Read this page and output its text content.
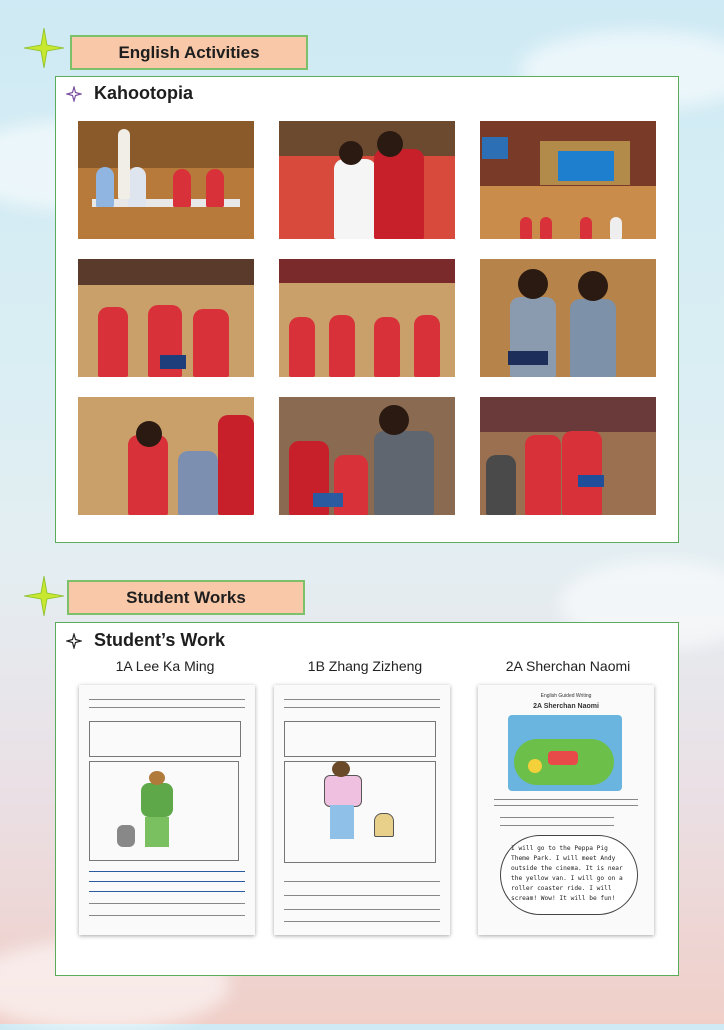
English Activities
Kahootopia
Student Works
Student’s Work
1A Lee Ka Ming	1B Zhang Zizheng	2A Sherchan Naomi
English Guided Writing
2A Sherchan Naomi
I will go to the Peppa Pig Theme Park. I will meet Andy outside the cinema. It is near the yellow van. I will go on a roller coaster ride. I will scream! Wow! It will be fun!
